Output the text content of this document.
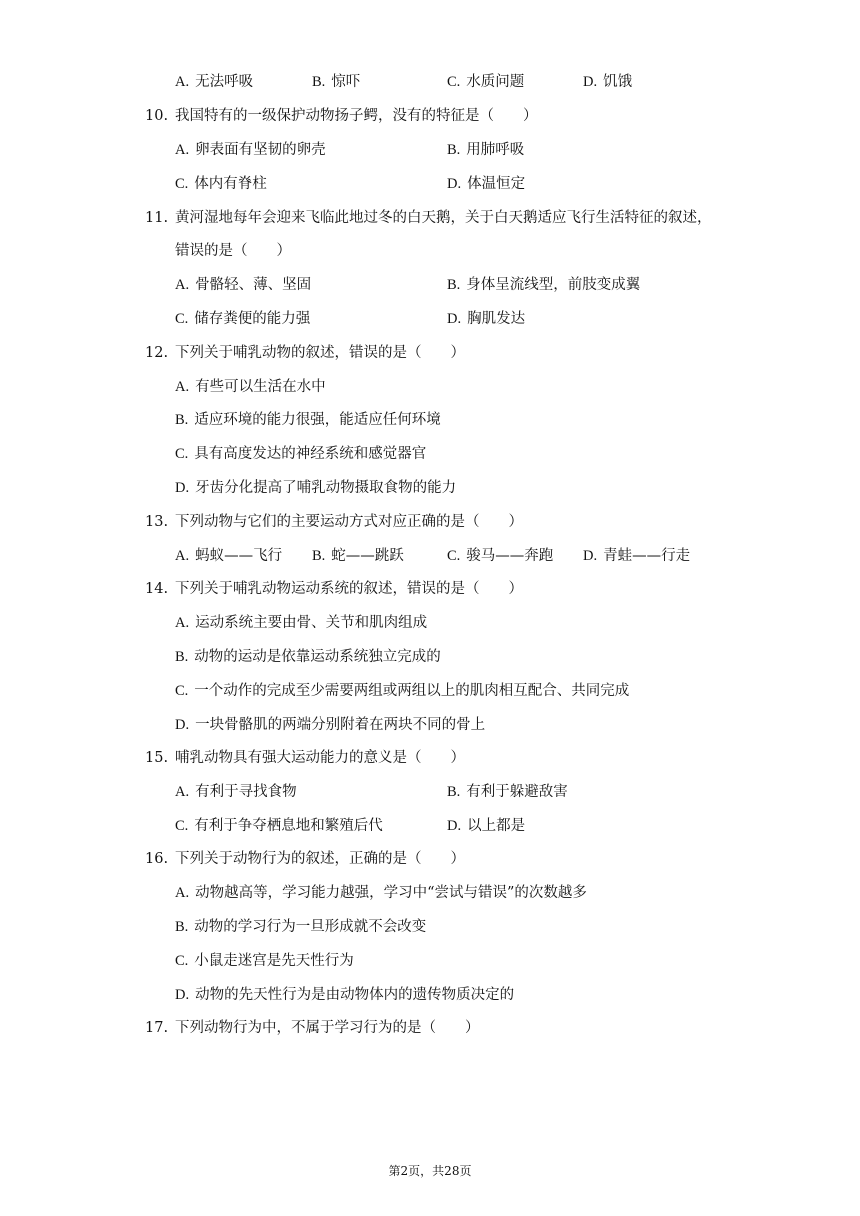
A. 无法呼吸	B. 惊吓	C. 水质问题	D. 饥饿
10. 我国特有的一级保护动物扬子鳄，没有的特征是（　　）
A. 卵表面有坚韧的卵壳	B. 用肺呼吸
C. 体内有脊柱	D. 体温恒定
11. 黄河湿地每年会迎来飞临此地过冬的白天鹅，关于白天鹅适应飞行生活特征的叙述，
错误的是（　　）
A. 骨骼轻、薄、坚固	B. 身体呈流线型，前肢变成翼
C. 储存粪便的能力强	D. 胸肌发达
12. 下列关于哺乳动物的叙述，错误的是（　　）
A. 有些可以生活在水中
B. 适应环境的能力很强，能适应任何环境
C. 具有高度发达的神经系统和感觉器官
D. 牙齿分化提高了哺乳动物摄取食物的能力
13. 下列动物与它们的主要运动方式对应正确的是（　　）
A. 蚂蚁——飞行 B. 蛇——跳跃	C. 骏马——奔跑 D. 青蛙——行走
14. 下列关于哺乳动物运动系统的叙述，错误的是（　　）
A. 运动系统主要由骨、关节和肌肉组成
B. 动物的运动是依靠运动系统独立完成的
C. 一个动作的完成至少需要两组或两组以上的肌肉相互配合、共同完成
D. 一块骨骼肌的两端分别附着在两块不同的骨上
15. 哺乳动物具有强大运动能力的意义是（　　）
A. 有利于寻找食物	B. 有利于躲避敌害
C. 有利于争夺栖息地和繁殖后代	D. 以上都是
16. 下列关于动物行为的叙述，正确的是（　　）
A. 动物越高等，学习能力越强，学习中“尝试与错误”的次数越多
B. 动物的学习行为一旦形成就不会改变
C. 小鼠走迷宫是先天性行为
D. 动物的先天性行为是由动物体内的遗传物质决定的
17. 下列动物行为中，不属于学习行为的是（　　）
第2页，共28页
